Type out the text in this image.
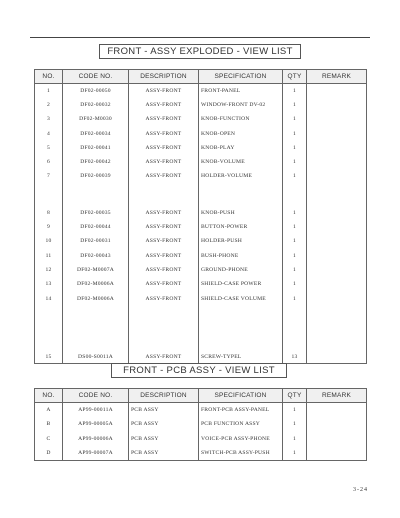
FRONT - ASSY EXPLODED - VIEW LIST
NO.	CODE NO.	DESCRIPTION	SPECIFICATION	QTY	REMARK
1	DF02-00050	ASSY-FRONT	FRONT-PANEL	1	
2	DF02-00032	ASSY-FRONT	WINDOW-FRONT DV-02	1	
3	DF02-M0030	ASSY-FRONT	KNOB-FUNCTION	1	
4	DF02-00034	ASSY-FRONT	KNOB-OPEN	1	
5	DF02-00041	ASSY-FRONT	KNOB-PLAY	1	
6	DF02-00042	ASSY-FRONT	KNOB-VOLUME	1	
7	DF02-00039	ASSY-FRONT	HOLDER-VOLUME	1	

8	DF02-00035	ASSY-FRONT	KNOB-PUSH	1	
9	DF02-00044	ASSY-FRONT	BUTTON-POWER	1	
10	DF02-00031	ASSY-FRONT	HOLDER-PUSH	1	
11	DF02-00043	ASSY-FRONT	BUSH-PHONE	1	
12	DF02-M0007A	ASSY-FRONT	GROUND-PHONE	1	
13	DF02-M0006A	ASSY-FRONT	SHIELD-CASE POWER	1	
14	DF02-M0006A	ASSY-FRONT	SHIELD-CASE VOLUME	1	

15	DS00-S0011A	ASSY-FRONT	SCREW-TYPEL	13	
FRONT - PCB ASSY - VIEW LIST
NO.	CODE NO.	DESCRIPTION	SPECIFICATION	QTY	REMARK
A	AP99-00011A	PCB ASSY	FRONT-PCB ASSY-PANEL	1	
B	AP99-00005A	PCB ASSY	PCB FUNCTION ASSY	1	
C	AP99-00006A	PCB ASSY	VOICE-PCB ASSY-PHONE	1	
D	AP99-00007A	PCB ASSY	SWITCH-PCB ASSY-PUSH	1	
3-24
